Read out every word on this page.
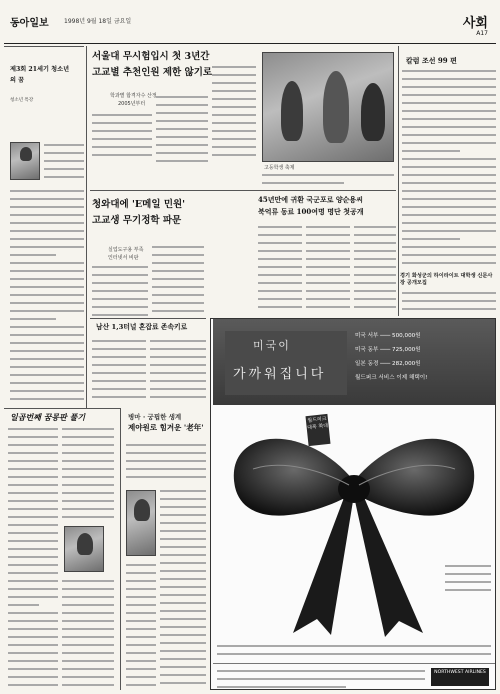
동아일보	1998년 9월 18일 금요일	사회
A17
제3회 21세기 청소년의 꿈
청소년 특강
서울대 무시험입시 첫 3년간
고교별 추천인원 제한 않기로
학과별 합격자수 산정
2005년부터
고등학생 축제
청와대에 'E메일 민원'
고교생 무기정학 파문
실업도구용 부족
인터넷서 비판
45년만에 귀환 국군포로 양순용씨
북억류 동료 100여명 명단 첫공개
칼럼 조선 99 편
경기 화성군의 하이라이트 대학생 신문사장 공개모집
남산 1,3터널 혼잡료 존속키로
일곱번째 꿈몽판 풀기	병마 · 궁핍한 생계
제야원로 힘겨운 '老年'
미국이
가까워집니다
미국 서부 ─── 500,000원
미국 동부 ─── 725,000원
일본 동경 ─── 282,000원
월드퍼크 서비스 이제 해택이!
월드퍼크 대폭 확대
NORTHWEST AIRLINES
